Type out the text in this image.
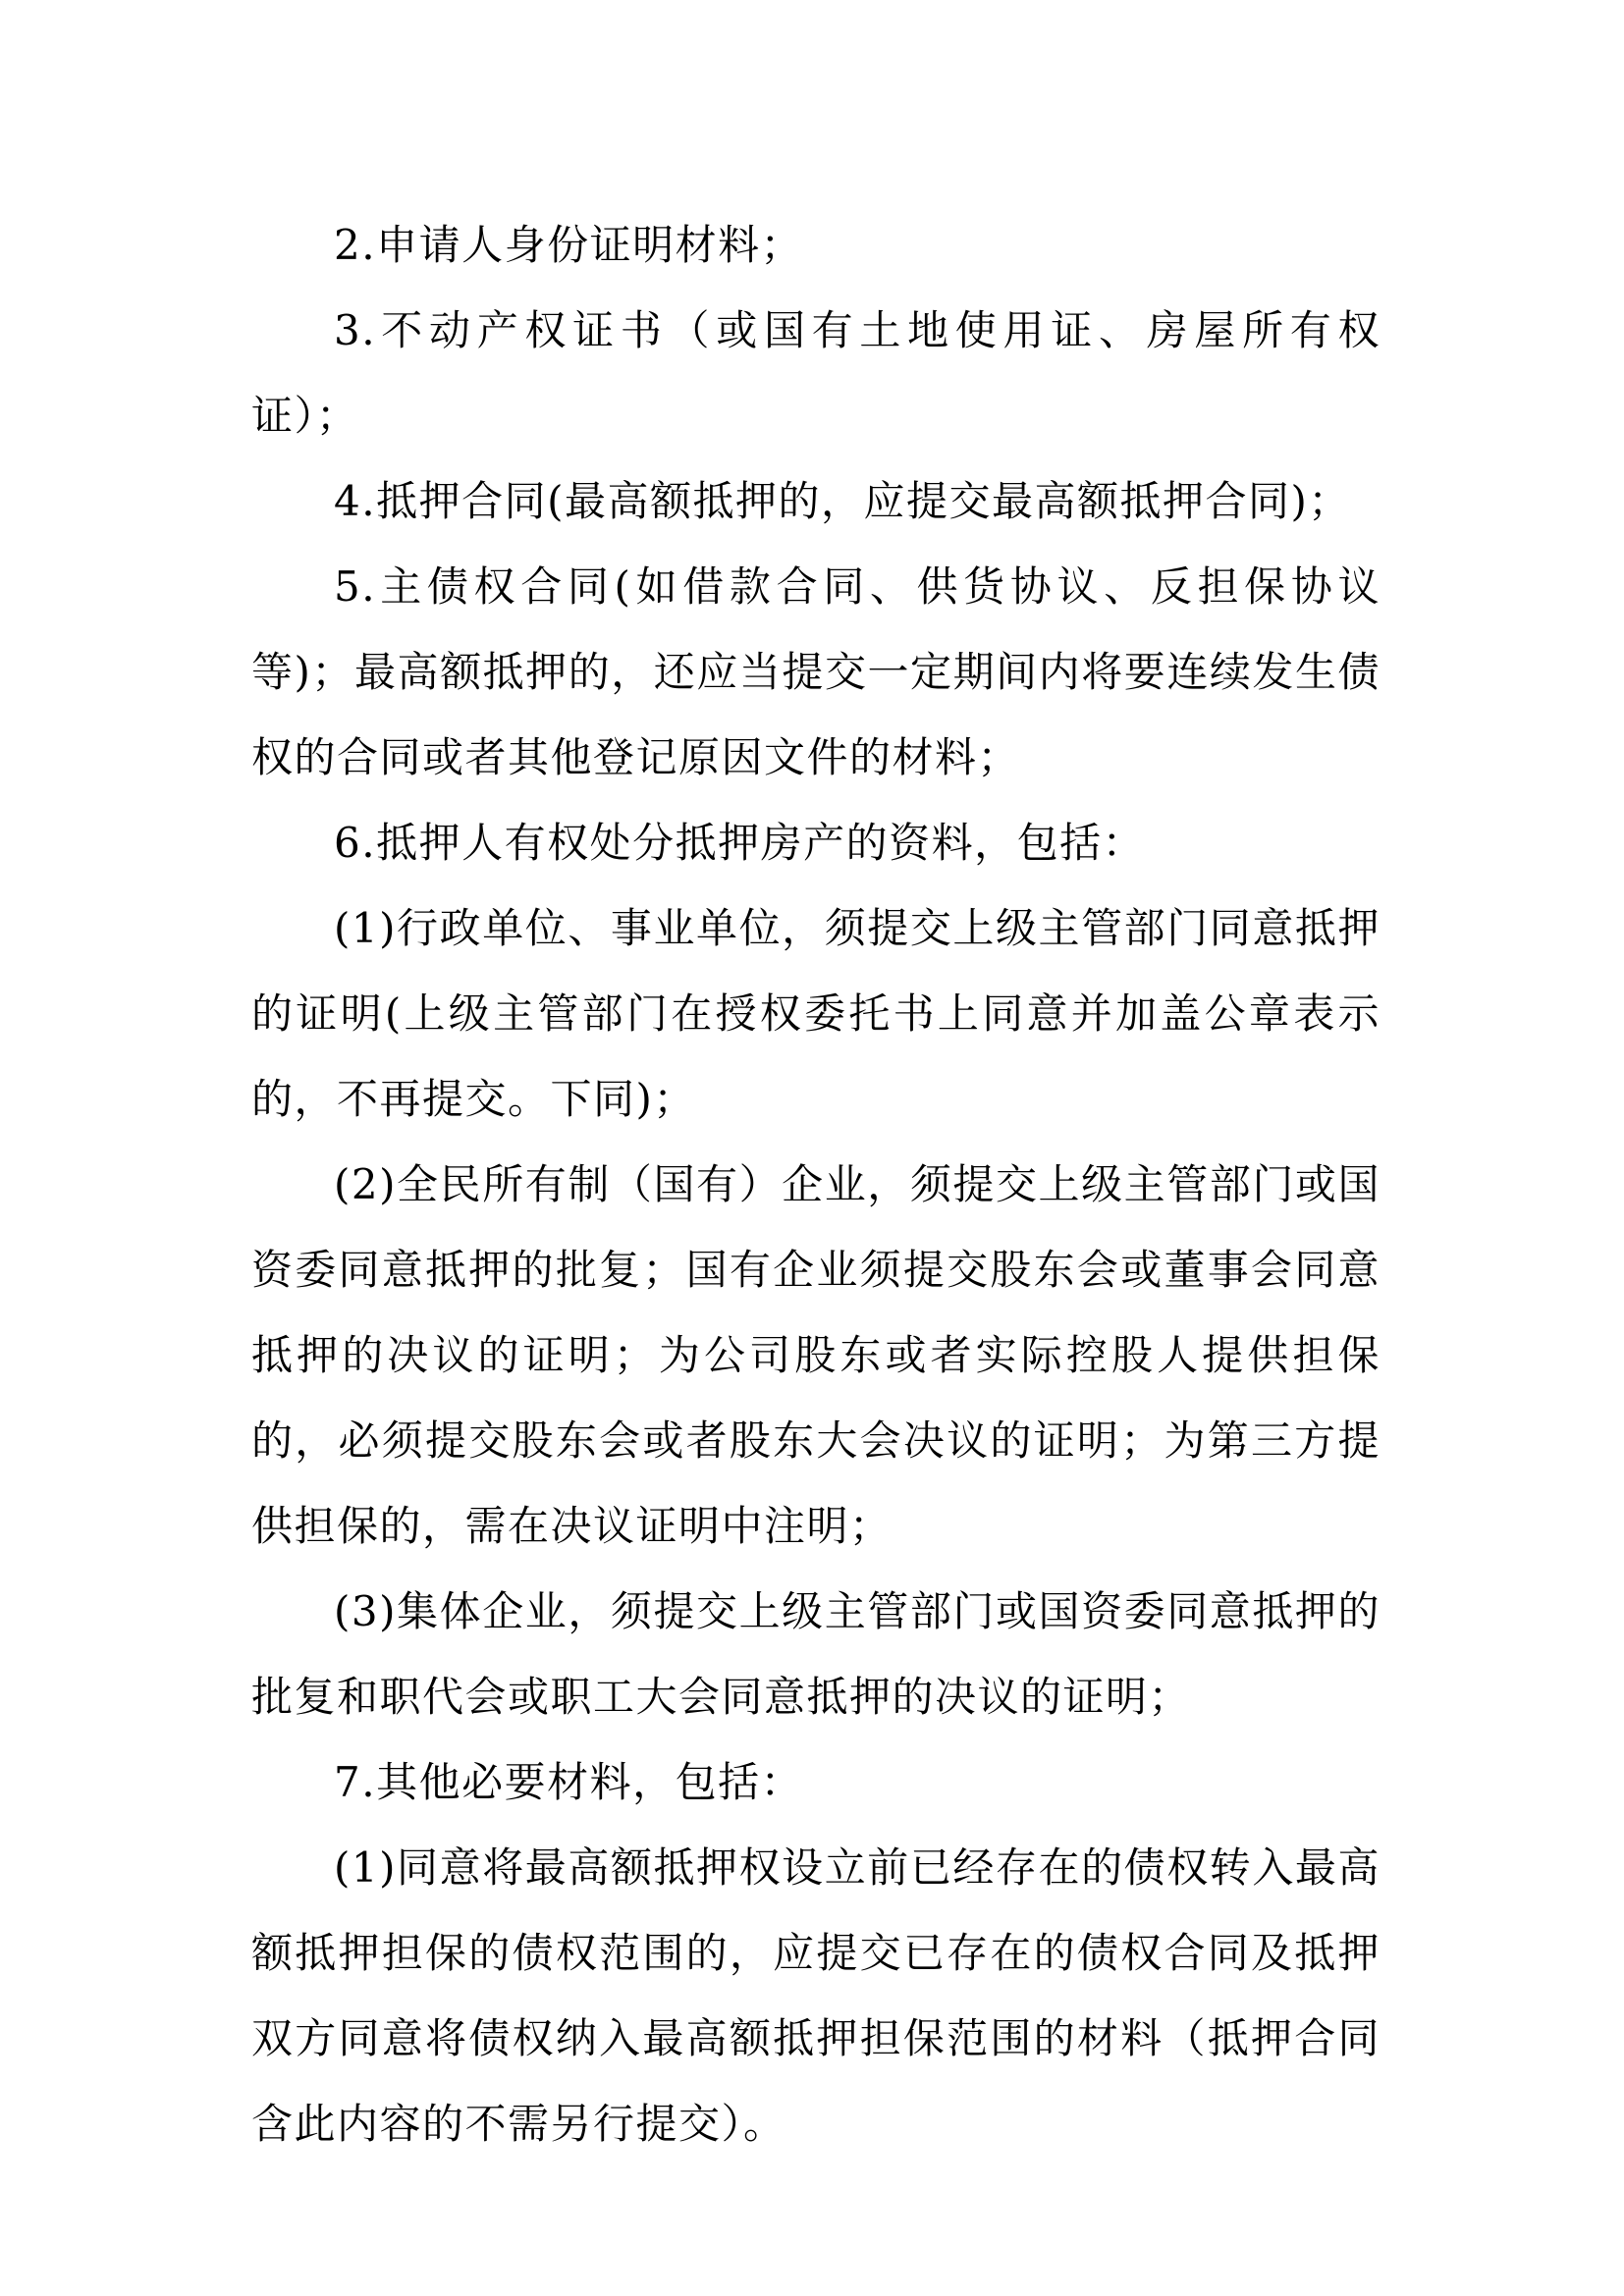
2.申请人身份证明材料；

3.不动产权证书（或国有土地使用证、房屋所有权证）；

4.抵押合同(最高额抵押的，应提交最高额抵押合同)；

5.主债权合同(如借款合同、供货协议、反担保协议等)；最高额抵押的，还应当提交一定期间内将要连续发生债权的合同或者其他登记原因文件的材料；

6.抵押人有权处分抵押房产的资料，包括：

(1)行政单位、事业单位，须提交上级主管部门同意抵押的证明(上级主管部门在授权委托书上同意并加盖公章表示的，不再提交。下同)；

(2)全民所有制（国有）企业，须提交上级主管部门或国资委同意抵押的批复；国有企业须提交股东会或董事会同意抵押的决议的证明；为公司股东或者实际控股人提供担保的，必须提交股东会或者股东大会决议的证明；为第三方提供担保的，需在决议证明中注明；

(3)集体企业，须提交上级主管部门或国资委同意抵押的批复和职代会或职工大会同意抵押的决议的证明；

7.其他必要材料，包括：

(1)同意将最高额抵押权设立前已经存在的债权转入最高额抵押担保的债权范围的，应提交已存在的债权合同及抵押双方同意将债权纳入最高额抵押担保范围的材料（抵押合同含此内容的不需另行提交）。
